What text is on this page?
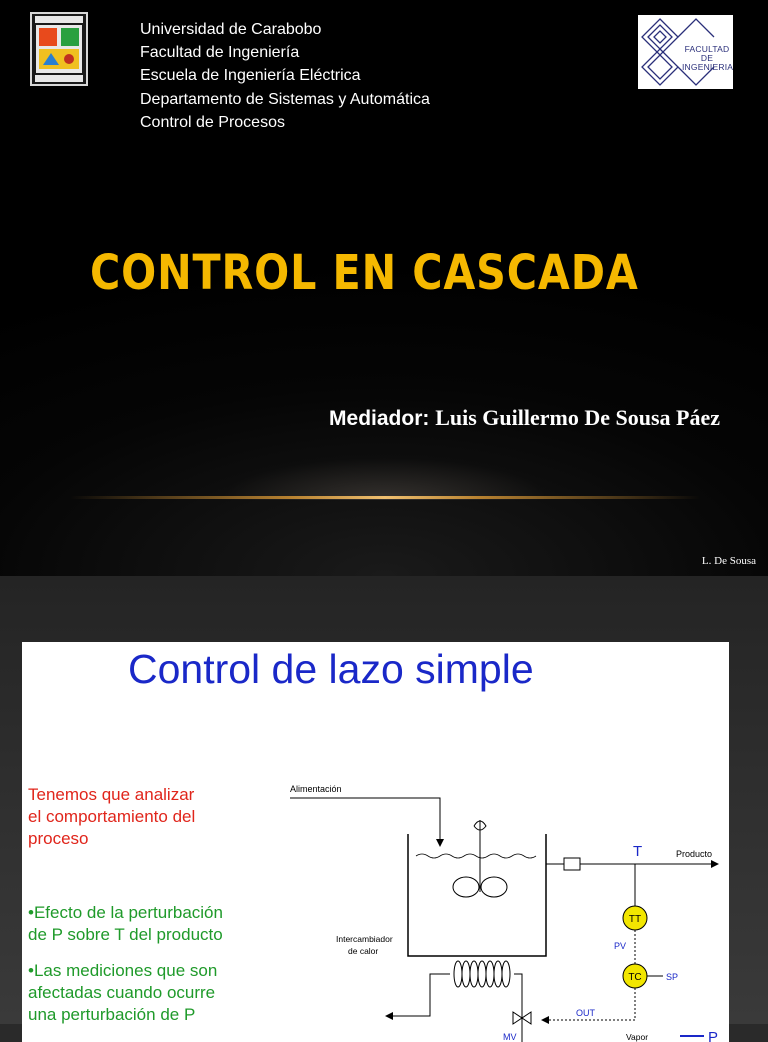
Universidad de Carabobo
Facultad de Ingeniería
Escuela de Ingeniería Eléctrica
Departamento de Sistemas y Automática
Control de Procesos
FACULTAD
DE
INGENIERIA
CONTROL EN CASCADA
Mediador: Luis Guillermo De Sousa Páez
L. De Sousa
Control de lazo simple
Tenemos que analizar
el comportamiento del
proceso
•Efecto de la perturbación
de P sobre T del producto
•Las mediciones que son
afectadas cuando ocurre
una perturbación de P
Alimentación
Intercambiador
de calor
T	Producto
TT
PV
TC	SP
OUT
MV	Vapor	P
